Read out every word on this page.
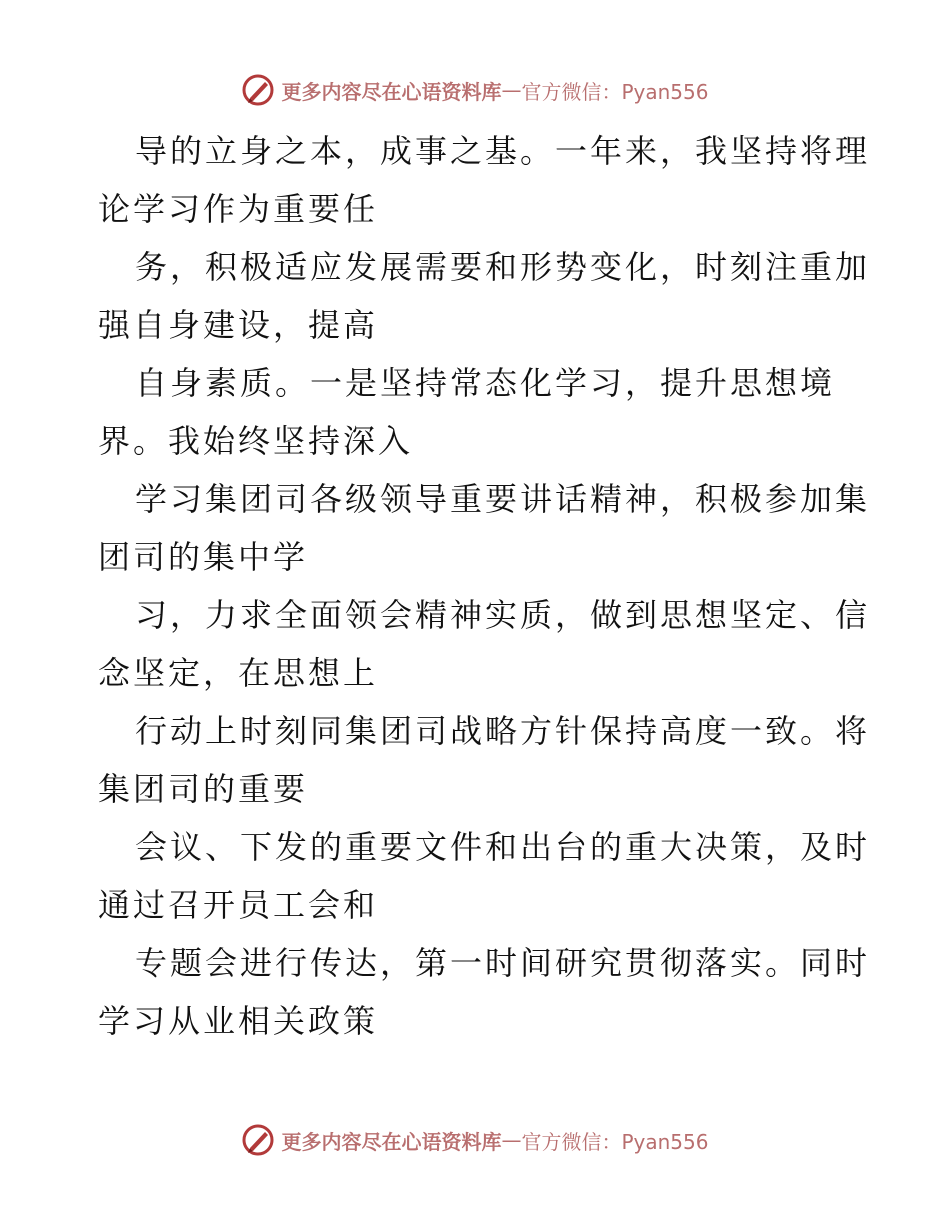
更多内容尽在心语资料库 — 官方微信：Pyan556
导的立身之本，成事之基。一年来，我坚持将理
论学习作为重要任
务，积极适应发展需要和形势变化，时刻注重加
强自身建设，提高
自身素质。一是坚持常态化学习，提升思想境
界。我始终坚持深入
学习集团司各级领导重要讲话精神，积极参加集
团司的集中学
习，力求全面领会精神实质，做到思想坚定、信
念坚定，在思想上
行动上时刻同集团司战略方针保持高度一致。将
集团司的重要
会议、下发的重要文件和出台的重大决策，及时
通过召开员工会和
专题会进行传达，第一时间研究贯彻落实。同时
学习从业相关政策
更多内容尽在心语资料库 — 官方微信：Pyan556
